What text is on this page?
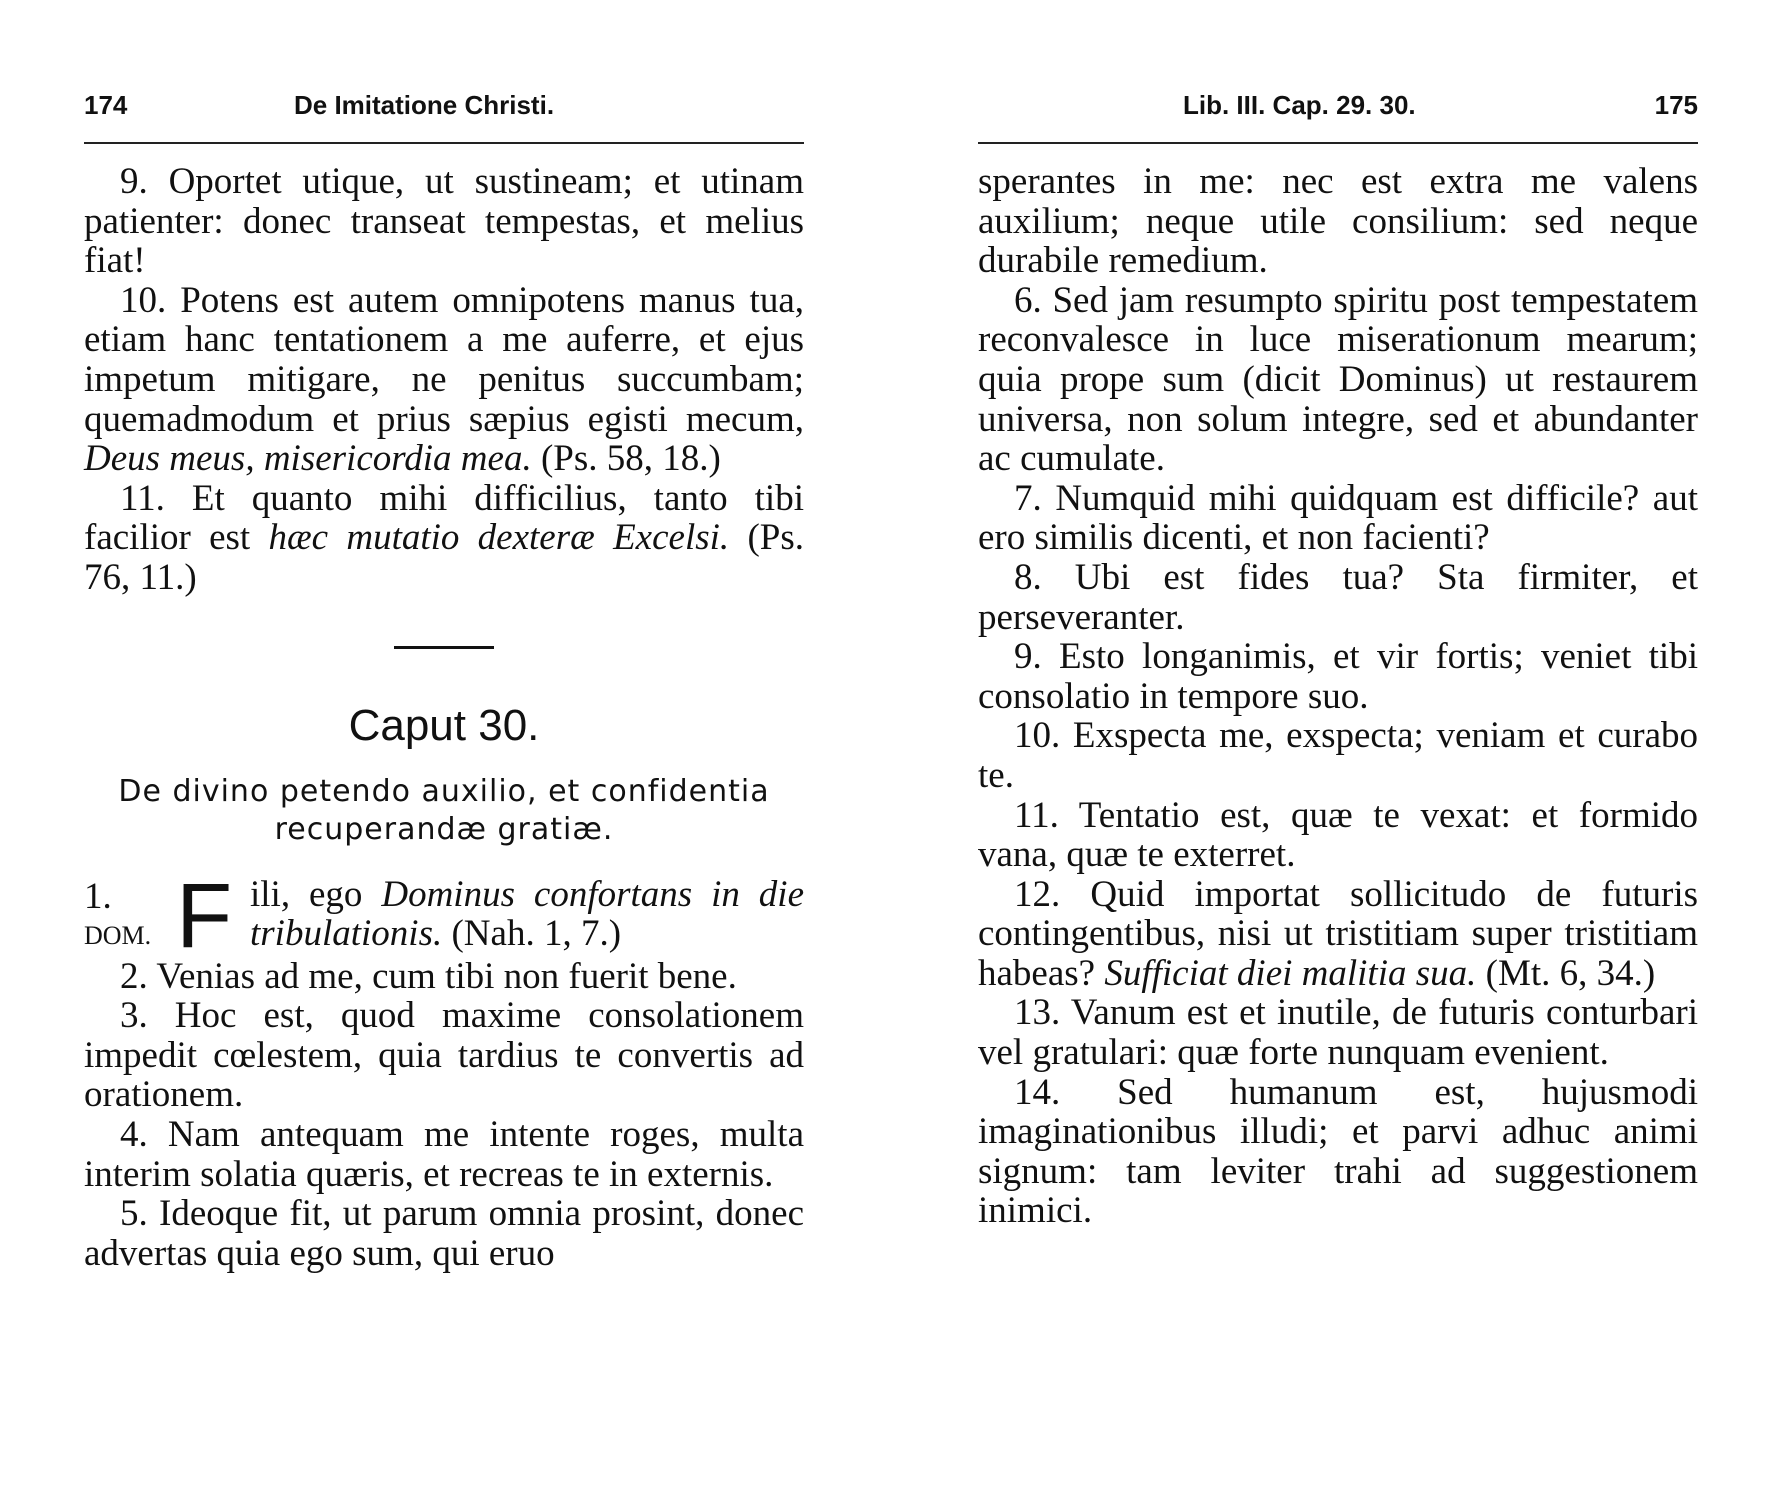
174	De Imitatione Christi.

9. Oportet utique, ut sustineam; et utinam patienter: donec transeat tempestas, et melius fiat!

10. Potens est autem omnipotens manus tua, etiam hanc tentationem a me auferre, et ejus impetum mitigare, ne penitus succumbam; quemadmodum et prius sæpius egisti mecum, Deus meus, misericordia mea. (Ps. 58, 18.)

11. Et quanto mihi difficilius, tanto tibi facilior est hæc mutatio dexteræ Excelsi. (Ps. 76, 11.)

Caput 30.
De divino petendo auxilio, et confidentia
recuperandæ gratiæ.
1.
DOM. F ili, ego Dominus confortans in die tribulationis. (Nah. 1, 7.)

2. Venias ad me, cum tibi non fuerit bene.

3. Hoc est, quod maxime consolationem impedit cœlestem, quia tardius te convertis ad orationem.

4. Nam antequam me intente roges, multa interim solatia quæris, et recreas te in externis.

5. Ideoque fit, ut parum omnia prosint, donec advertas quia ego sum, qui eruo

Lib. III. Cap. 29. 30.	175

sperantes in me: nec est extra me valens auxilium; neque utile consilium: sed neque durabile remedium.

6. Sed jam resumpto spiritu post tempestatem reconvalesce in luce miserationum mearum; quia prope sum (dicit Dominus) ut restaurem universa, non solum integre, sed et abundanter ac cumulate.

7. Numquid mihi quidquam est difficile? aut ero similis dicenti, et non facienti?

8. Ubi est fides tua? Sta firmiter, et perseveranter.

9. Esto longanimis, et vir fortis; veniet tibi consolatio in tempore suo.

10. Exspecta me, exspecta; veniam et curabo te.

11. Tentatio est, quæ te vexat: et formido vana, quæ te exterret.

12. Quid importat sollicitudo de futuris contingentibus, nisi ut tristitiam super tristitiam habeas? Sufficiat diei malitia sua. (Mt. 6, 34.)

13. Vanum est et inutile, de futuris conturbari vel gratulari: quæ forte nunquam evenient.

14. Sed humanum est, hujusmodi imaginationibus illudi; et parvi adhuc animi signum: tam leviter trahi ad suggestionem inimici.
